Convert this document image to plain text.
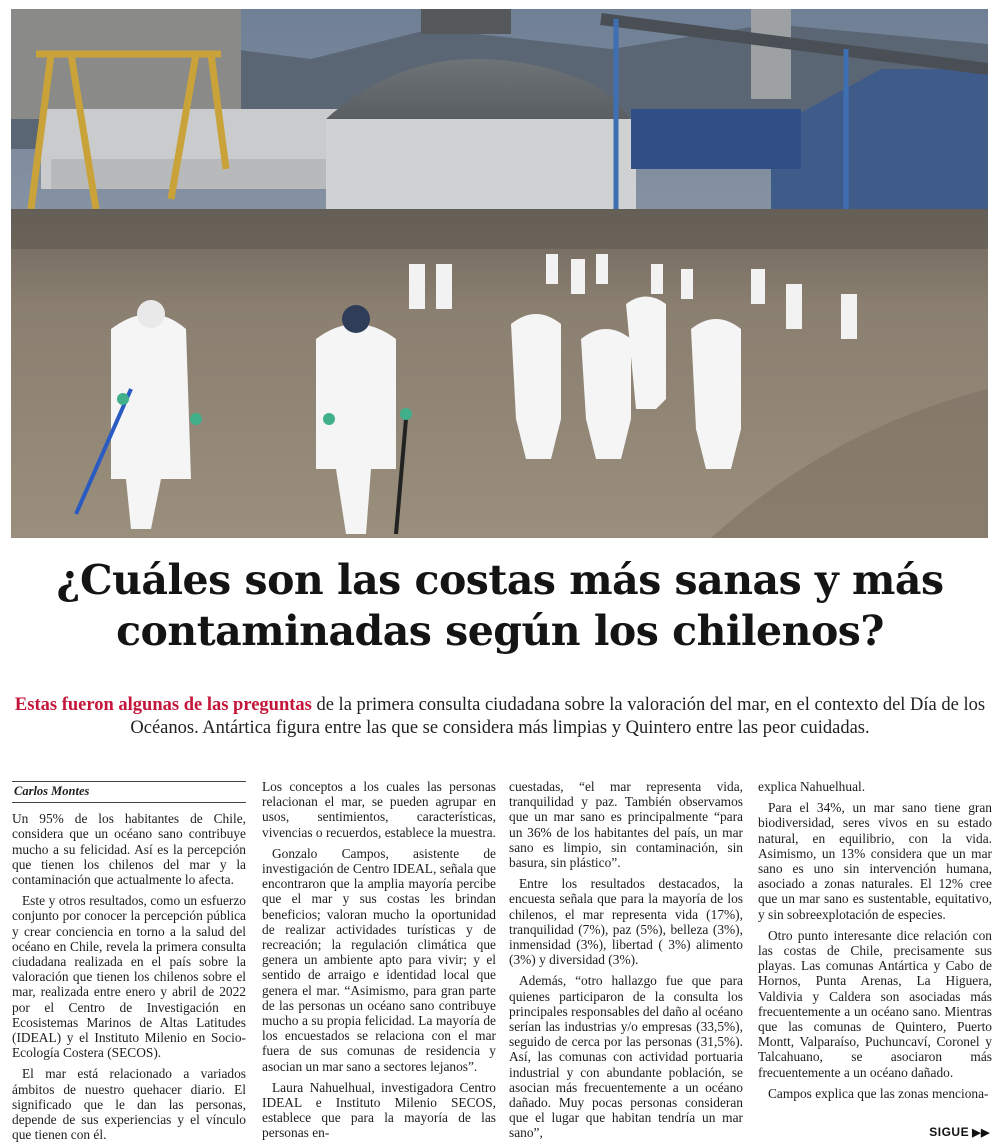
¿Cuáles son las costas más sanas y más
contaminadas según los chilenos?

Estas fueron algunas de las preguntas de la primera consulta ciudadana sobre la valoración del mar, en el contexto del Día de los Océanos. Antártica figura entre las que se considera más limpias y Quintero entre las peor cuidadas.

Carlos Montes

Un 95% de los habitantes de Chile, considera que un océano sano contribuye mucho a su felicidad. Así es la percepción que tienen los chilenos del mar y la contaminación que actualmente lo afecta.

Este y otros resultados, como un esfuerzo conjunto por conocer la percepción pública y crear conciencia en torno a la salud del océano en Chile, revela la primera consulta ciudadana realizada en el país sobre la valoración que tienen los chilenos sobre el mar, realizada entre enero y abril de 2022 por el Centro de Investigación en Ecosistemas Marinos de Altas Latitudes (IDEAL) y el Instituto Milenio en Socio-Ecología Costera (SECOS).

El mar está relacionado a variados ámbitos de nuestro quehacer diario. El significado que le dan las personas, depende de sus experiencias y el vínculo que tienen con él.

Los conceptos a los cuales las personas relacionan el mar, se pueden agrupar en usos, sentimientos, características, vivencias o recuerdos, establece la muestra.

Gonzalo Campos, asistente de investigación de Centro IDEAL, señala que encontraron que la amplia mayoría percibe que el mar y sus costas les brindan beneficios; valoran mucho la oportunidad de realizar actividades turísticas y de recreación; la regulación climática que genera un ambiente apto para vivir; y el sentido de arraigo e identidad local que genera el mar. “Asimismo, para gran parte de las personas un océano sano contribuye mucho a su propia felicidad. La mayoría de los encuestados se relaciona con el mar fuera de sus comunas de residencia y asocian un mar sano a sectores lejanos”.

Laura Nahuelhual, investigadora Centro IDEAL e Instituto Milenio SECOS, establece que para la mayoría de las personas en-

cuestadas, “el mar representa vida, tranquilidad y paz. También observamos que un mar sano es principalmente “para un 36% de los habitantes del país, un mar sano es limpio, sin contaminación, sin basura, sin plástico”.

Entre los resultados destacados, la encuesta señala que para la mayoría de los chilenos, el mar representa vida (17%), tranquilidad (7%), paz (5%), belleza (3%), inmensidad (3%), libertad ( 3%) alimento (3%) y diversidad (3%).

Además, “otro hallazgo fue que para quienes participaron de la consulta los principales responsables del daño al océano serían las industrias y/o empresas (33,5%), seguido de cerca por las personas (31,5%). Así, las comunas con actividad portuaria industrial y con abundante población, se asocian más frecuentemente a un océano dañado. Muy pocas personas consideran que el lugar que habitan tendría un mar sano”,

explica Nahuelhual.

Para el 34%, un mar sano tiene gran biodiversidad, seres vivos en su estado natural, en equilibrio, con la vida. Asimismo, un 13% considera que un mar sano es uno sin intervención humana, asociado a zonas naturales. El 12% cree que un mar sano es sustentable, equitativo, y sin sobreexplotación de especies.

Otro punto interesante dice relación con las costas de Chile, precisamente sus playas. Las comunas Antártica y Cabo de Hornos, Punta Arenas, La Higuera, Valdivia y Caldera son asociadas más frecuentemente a un océano sano. Mientras que las comunas de Quintero, Puerto Montt, Valparaíso, Puchuncaví, Coronel y Talcahuano, se asociaron más frecuentemente a un océano dañado.

Campos explica que las zonas menciona-

SIGUE ▶▶
